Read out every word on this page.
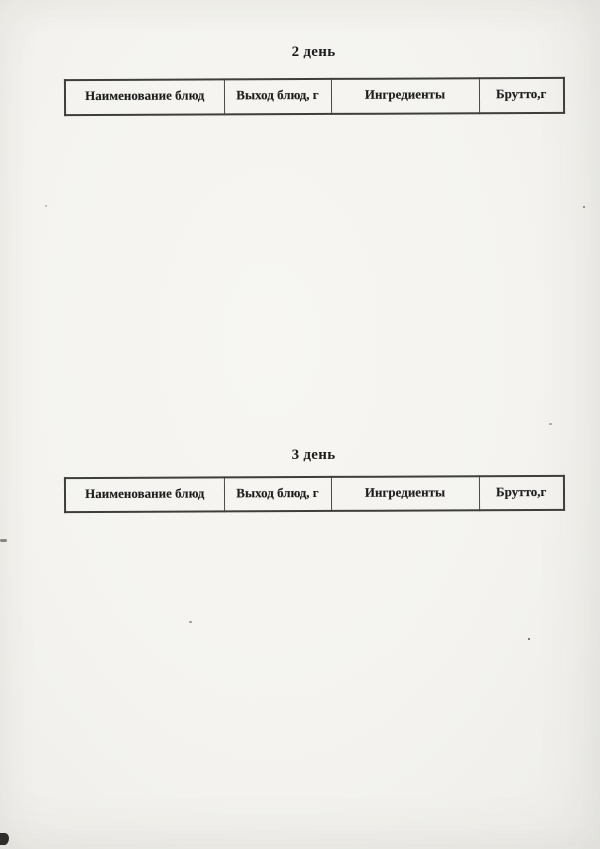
2 день
Наименование блюд	Выход блюд, г	Ингредиенты	Брутто,г
3 день
Наименование блюд	Выход блюд, г	Ингредиенты	Брутто,г
